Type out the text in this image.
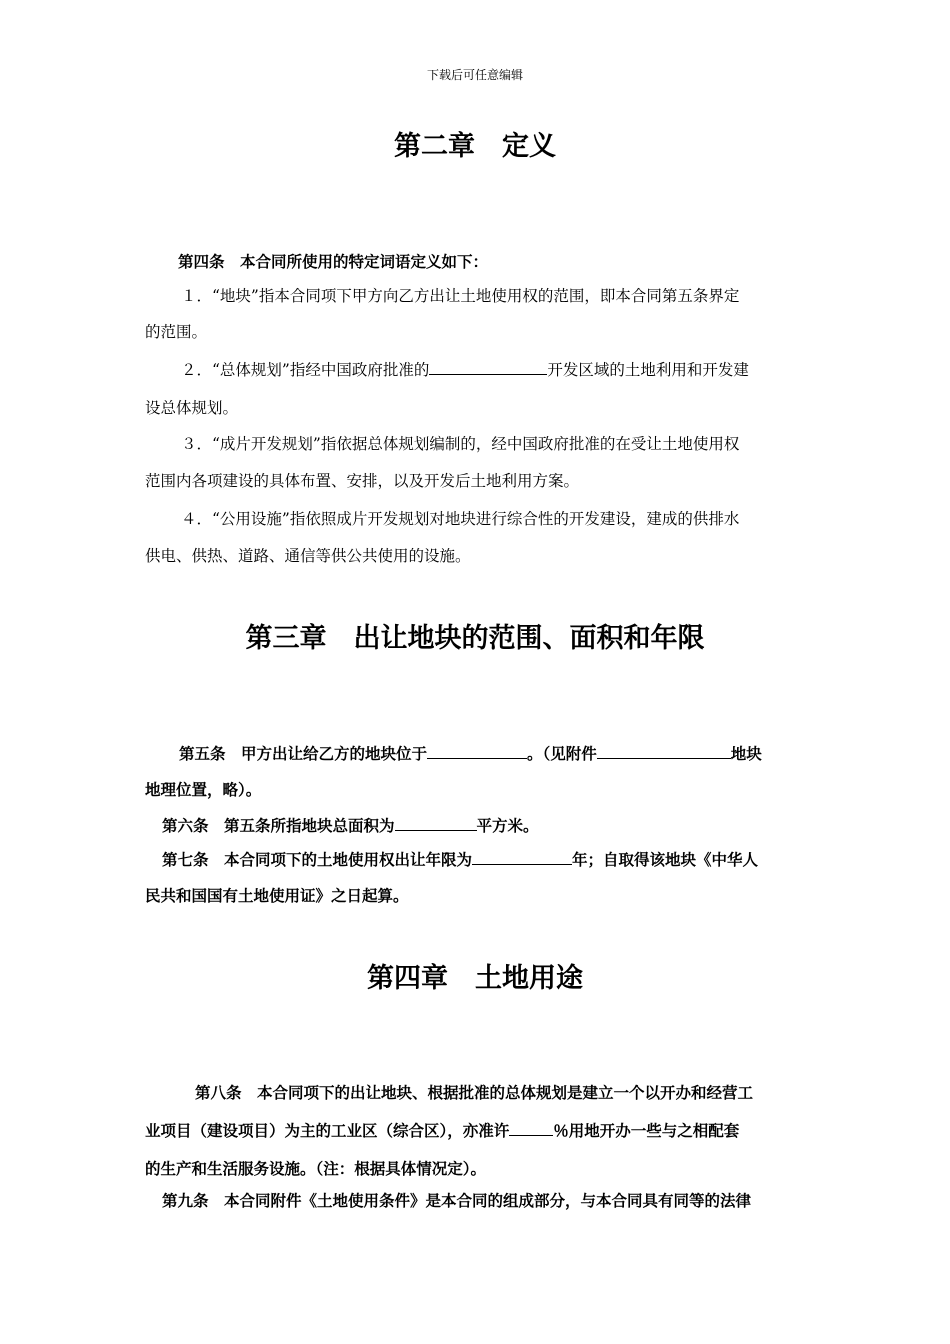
下载后可任意编辑
第二章　定义
第四条　本合同所使用的特定词语定义如下：
１．“地块”指本合同项下甲方向乙方出让土地使用权的范围，即本合同第五条界定
的范围。
２．“总体规划”指经中国政府批准的	开发区域的土地利用和开发建
设总体规划。
３．“成片开发规划”指依据总体规划编制的，经中国政府批准的在受让土地使用权
范围内各项建设的具体布置、安排，以及开发后土地利用方案。
４．“公用设施”指依照成片开发规划对地块进行综合性的开发建设，建成的供排水
供电、供热、道路、通信等供公共使用的设施。
第三章　出让地块的范围、面积和年限
第五条　甲方出让给乙方的地块位于	。（见附件	地块
地理位置，略）。
第六条　第五条所指地块总面积为	平方米。
第七条　本合同项下的土地使用权出让年限为	年；自取得该地块《中华人
民共和国国有土地使用证》之日起算。
第四章　土地用途
第八条　本合同项下的出让地块、根据批准的总体规划是建立一个以开办和经营工
业项目（建设项目）为主的工业区（综合区），亦准许	％用地开办一些与之相配套
的生产和生活服务设施。（注：根据具体情况定）。
第九条　本合同附件《土地使用条件》是本合同的组成部分，与本合同具有同等的法律
